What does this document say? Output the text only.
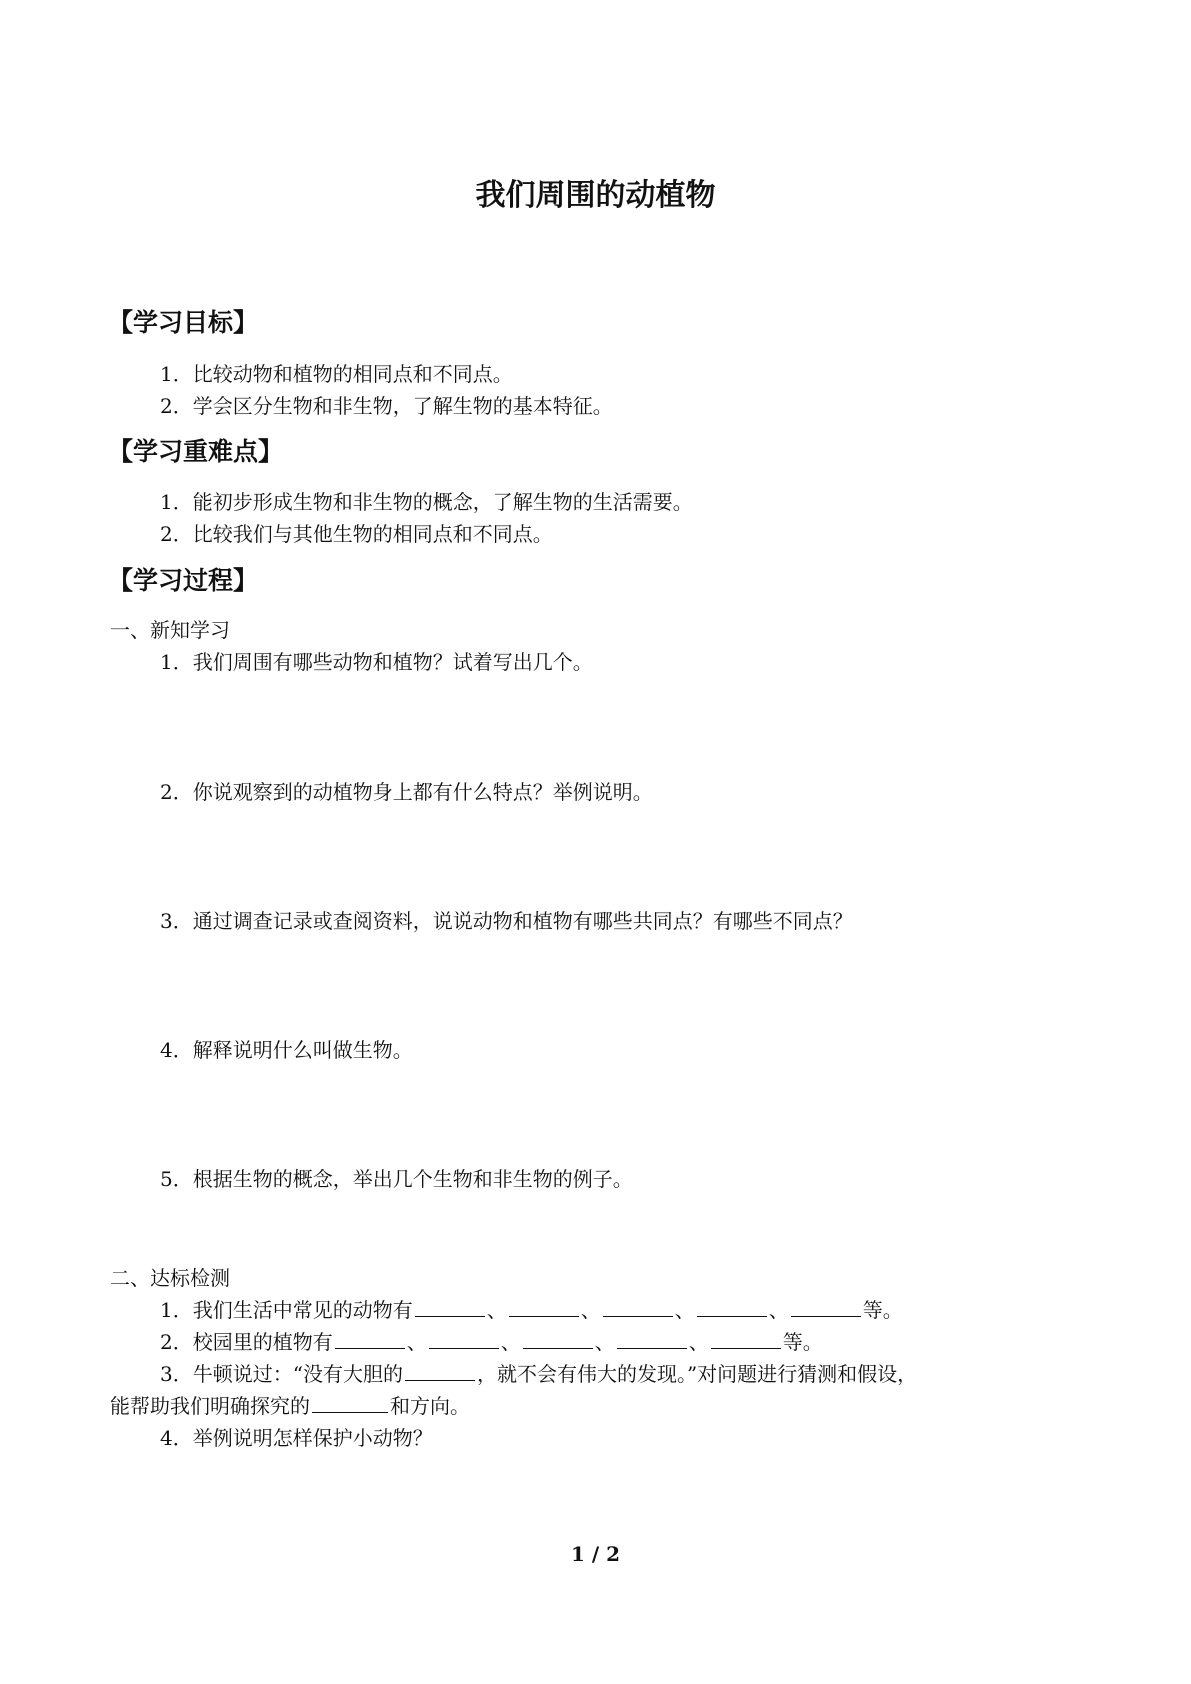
我们周围的动植物
【学习目标】
1．比较动物和植物的相同点和不同点。
2．学会区分生物和非生物，了解生物的基本特征。
【学习重难点】
1．能初步形成生物和非生物的概念，了解生物的生活需要。
2．比较我们与其他生物的相同点和不同点。
【学习过程】
一、新知学习
1．我们周围有哪些动物和植物？试着写出几个。
2．你说观察到的动植物身上都有什么特点？举例说明。
3．通过调查记录或查阅资料，说说动物和植物有哪些共同点？有哪些不同点？
4．解释说明什么叫做生物。
5．根据生物的概念，举出几个生物和非生物的例子。
二、达标检测
1．我们生活中常见的动物有	、	、	、	、	等。
2．校园里的植物有	、	、	、	、	等。
3．牛顿说过：“没有大胆的	，就不会有伟大的发现。”对问题进行猜测和假设，
能帮助我们明确探究的	和方向。
4．举例说明怎样保护小动物？
1 / 2
